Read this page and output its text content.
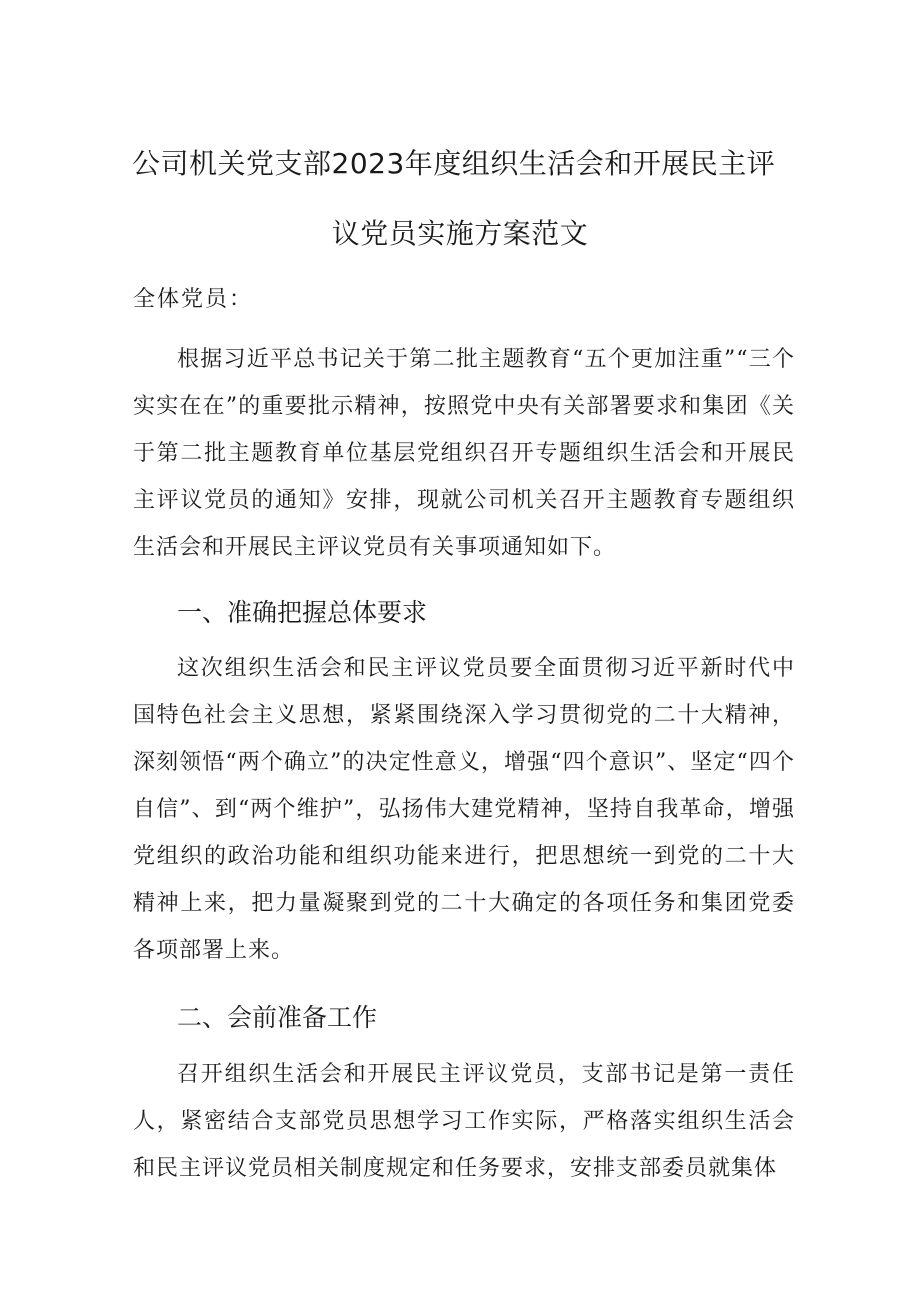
公司机关党支部2023年度组织生活会和开展民主评
议党员实施方案范文
全体党员：

根据习近平总书记关于第二批主题教育“五个更加注重”“三个实实在在”的重要批示精神，按照党中央有关部署要求和集团《关于第二批主题教育单位基层党组织召开专题组织生活会和开展民主评议党员的通知》安排，现就公司机关召开主题教育专题组织生活会和开展民主评议党员有关事项通知如下。

一、准确把握总体要求

这次组织生活会和民主评议党员要全面贯彻习近平新时代中国特色社会主义思想，紧紧围绕深入学习贯彻党的二十大精神，深刻领悟“两个确立”的决定性意义，增强“四个意识”、坚定“四个自信”、到“两个维护”，弘扬伟大建党精神，坚持自我革命，增强党组织的政治功能和组织功能来进行，把思想统一到党的二十大精神上来，把力量凝聚到党的二十大确定的各项任务和集团党委各项部署上来。

二、会前准备工作

召开组织生活会和开展民主评议党员，支部书记是第一责任人，紧密结合支部党员思想学习工作实际，严格落实组织生活会和民主评议党员相关制度规定和任务要求，安排支部委员就集体
